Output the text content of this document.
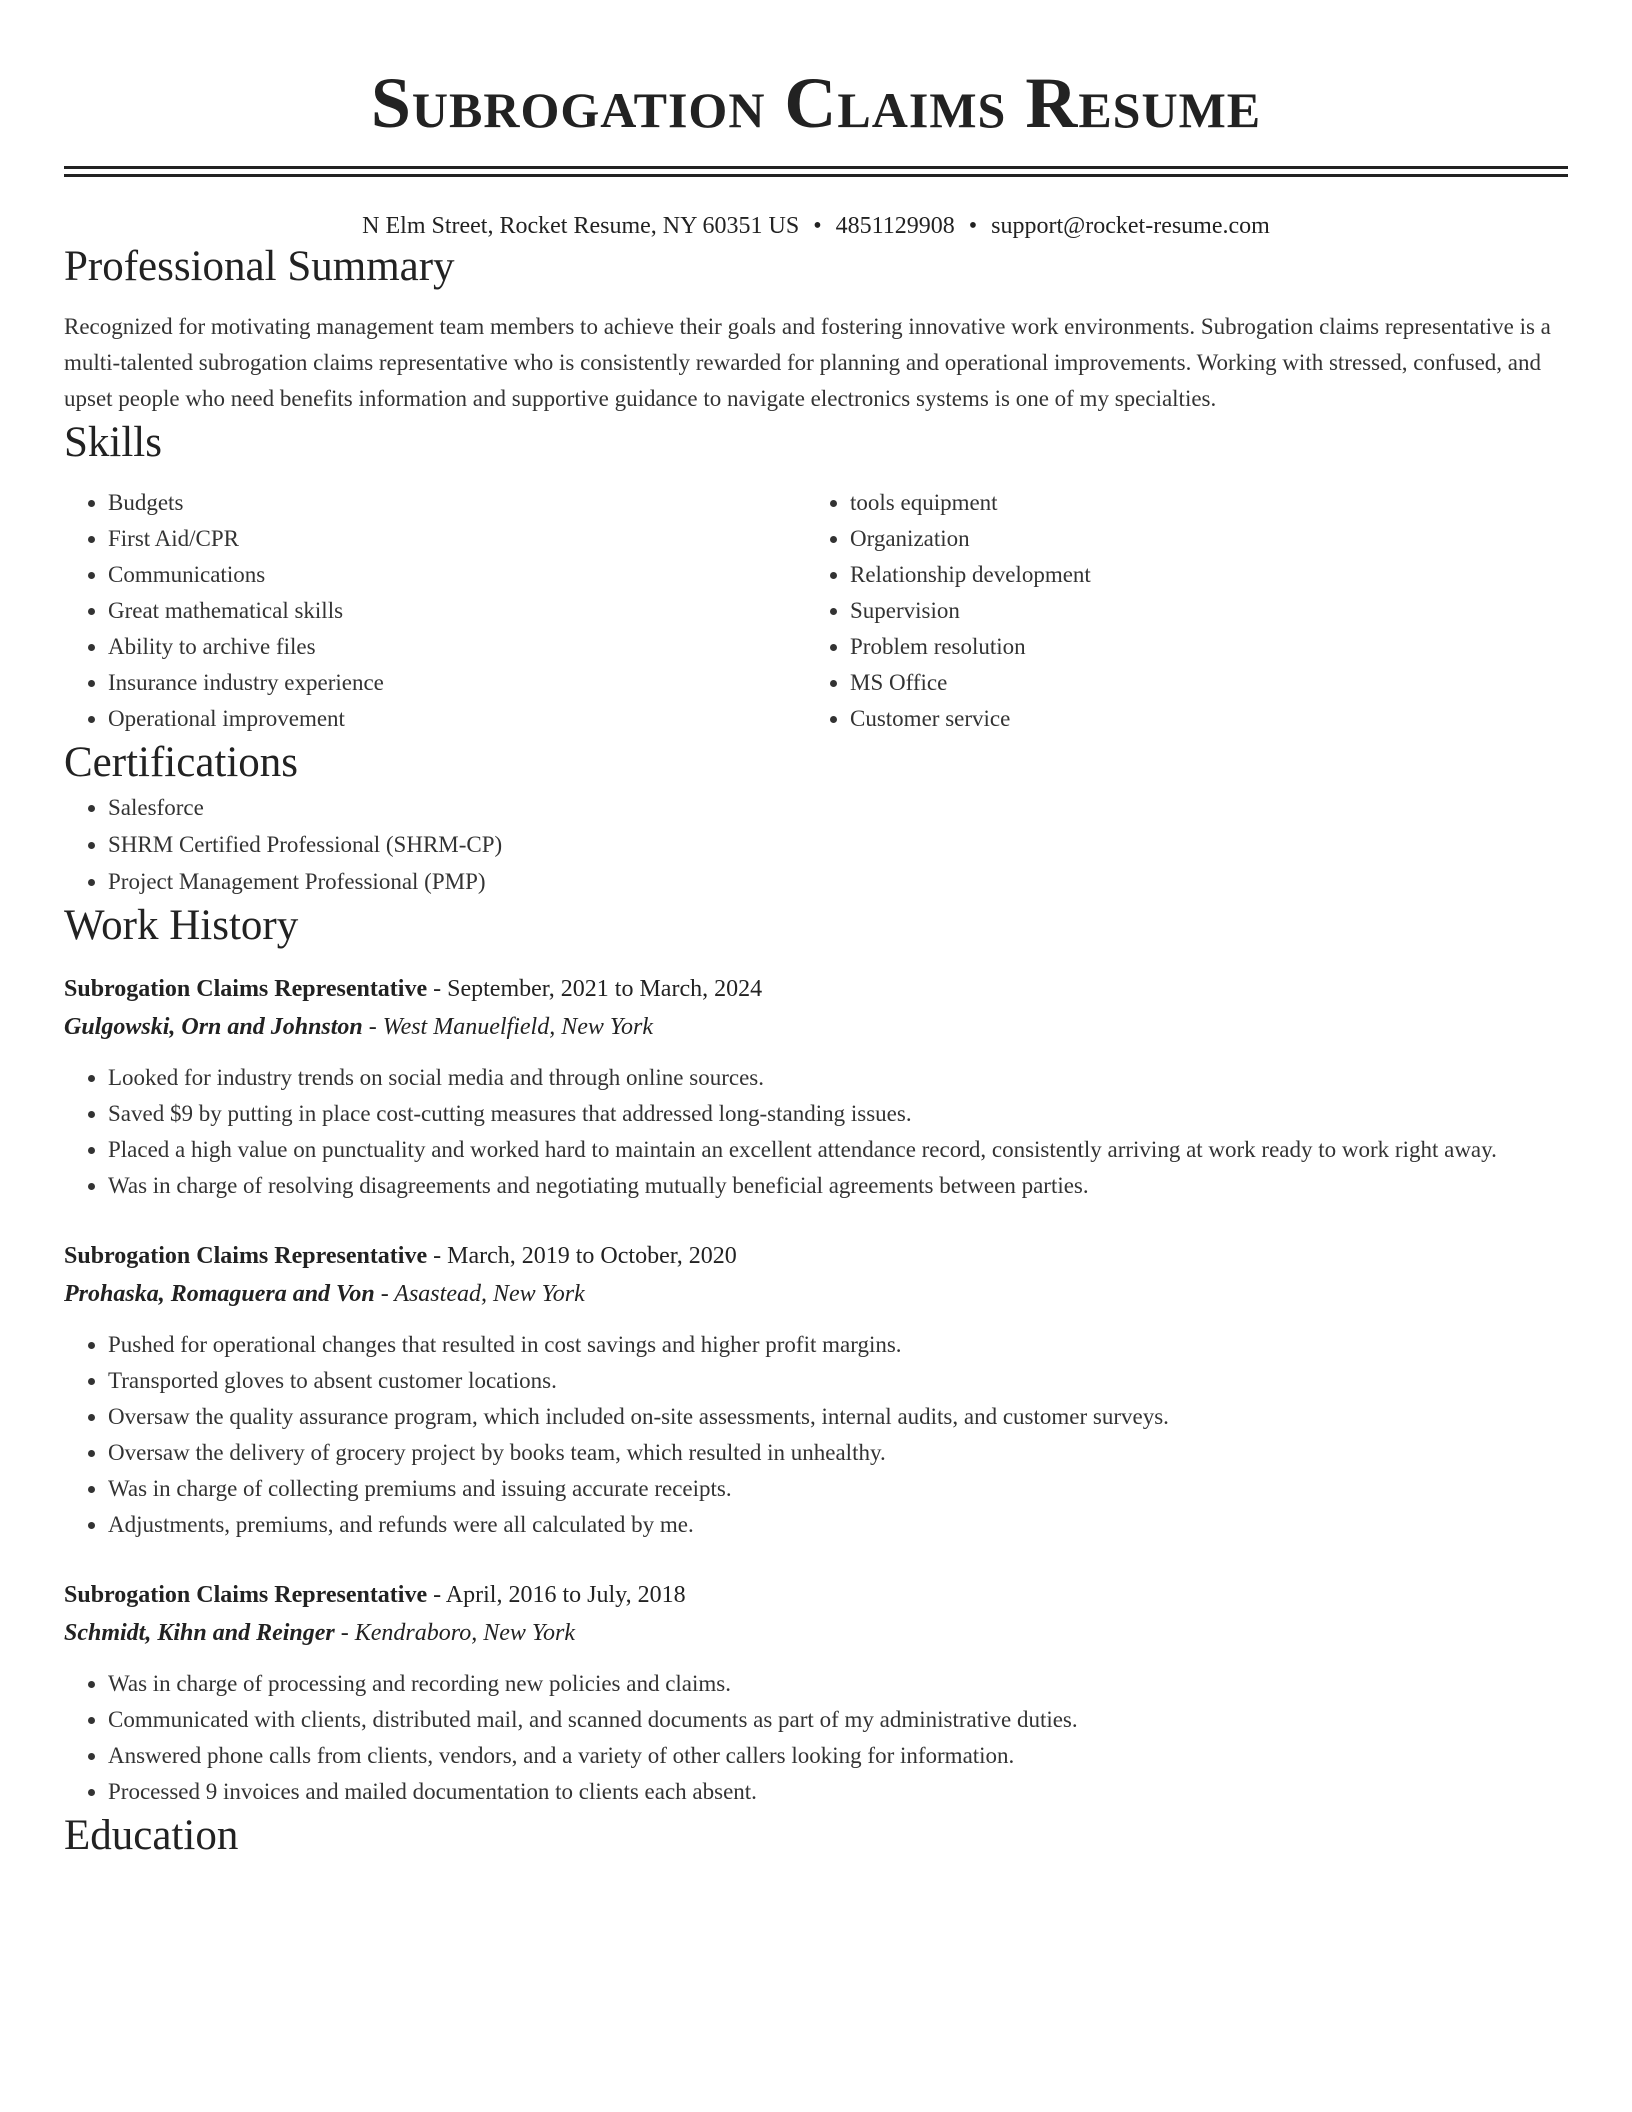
Subrogation Claims Resume
N Elm Street, Rocket Resume, NY 60351 US • 4851129908 • support@rocket-resume.com
Professional Summary
Recognized for motivating management team members to achieve their goals and fostering innovative work environments. Subrogation claims representative is a multi-talented subrogation claims representative who is consistently rewarded for planning and operational improvements. Working with stressed, confused, and upset people who need benefits information and supportive guidance to navigate electronics systems is one of my specialties.
Skills
• Budgets
• First Aid/CPR
• Communications
• Great mathematical skills
• Ability to archive files
• Insurance industry experience
• Operational improvement
• tools equipment
• Organization
• Relationship development
• Supervision
• Problem resolution
• MS Office
• Customer service
Certifications
• Salesforce
• SHRM Certified Professional (SHRM-CP)
• Project Management Professional (PMP)
Work History
Subrogation Claims Representative - September, 2021 to March, 2024
Gulgowski, Orn and Johnston - West Manuelfield, New York
• Looked for industry trends on social media and through online sources.
• Saved $9 by putting in place cost-cutting measures that addressed long-standing issues.
• Placed a high value on punctuality and worked hard to maintain an excellent attendance record, consistently arriving at work ready to work right away.
• Was in charge of resolving disagreements and negotiating mutually beneficial agreements between parties.
Subrogation Claims Representative - March, 2019 to October, 2020
Prohaska, Romaguera and Von - Asastead, New York
• Pushed for operational changes that resulted in cost savings and higher profit margins.
• Transported gloves to absent customer locations.
• Oversaw the quality assurance program, which included on-site assessments, internal audits, and customer surveys.
• Oversaw the delivery of grocery project by books team, which resulted in unhealthy.
• Was in charge of collecting premiums and issuing accurate receipts.
• Adjustments, premiums, and refunds were all calculated by me.
Subrogation Claims Representative - April, 2016 to July, 2018
Schmidt, Kihn and Reinger - Kendraboro, New York
• Was in charge of processing and recording new policies and claims.
• Communicated with clients, distributed mail, and scanned documents as part of my administrative duties.
• Answered phone calls from clients, vendors, and a variety of other callers looking for information.
• Processed 9 invoices and mailed documentation to clients each absent.
Education
